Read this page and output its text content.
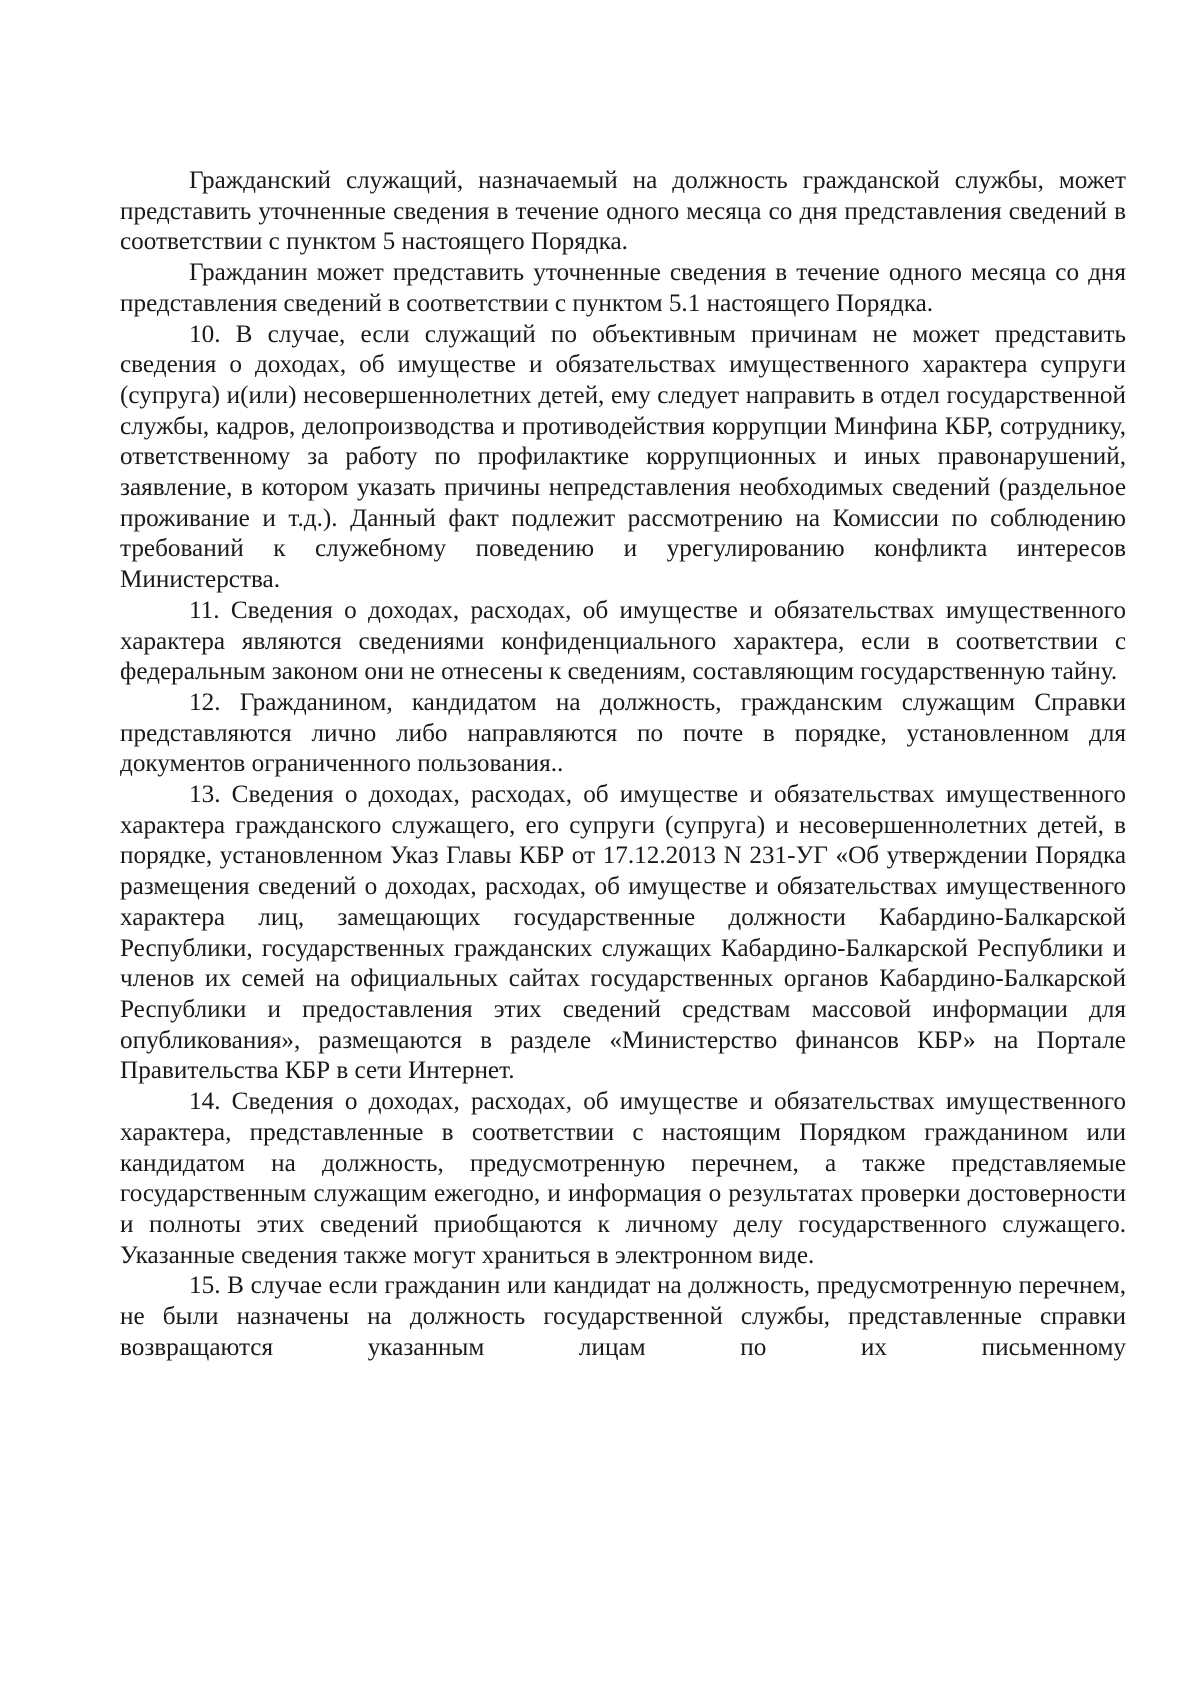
Гражданский служащий, назначаемый на должность гражданской службы, может представить уточненные сведения в течение одного месяца со дня представления сведений в соответствии с пунктом 5 настоящего Порядка.

Гражданин может представить уточненные сведения в течение одного месяца со дня представления сведений в соответствии с пунктом 5.1 настоящего Порядка.

10. В случае, если служащий по объективным причинам не может представить сведения о доходах, об имуществе и обязательствах имущественного характера супруги (супруга) и(или) несовершеннолетних детей, ему следует направить в отдел государственной службы, кадров, делопроизводства и противодействия коррупции Минфина КБР, сотруднику, ответственному за работу по профилактике коррупционных и иных правонарушений, заявление, в котором указать причины непредставления необходимых сведений (раздельное проживание и т.д.). Данный факт подлежит рассмотрению на Комиссии по соблюдению требований к служебному поведению и урегулированию конфликта интересов Министерства.

11. Сведения о доходах, расходах, об имуществе и обязательствах имущественного характера являются сведениями конфиденциального характера, если в соответствии с федеральным законом они не отнесены к сведениям, составляющим государственную тайну.

12. Гражданином, кандидатом на должность, гражданским служащим Справки представляются лично либо направляются по почте в порядке, установленном для документов ограниченного пользования..

13. Сведения о доходах, расходах, об имуществе и обязательствах имущественного характера гражданского служащего, его супруги (супруга) и несовершеннолетних детей, в порядке, установленном Указ Главы КБР от 17.12.2013 N 231-УГ «Об утверждении Порядка размещения сведений о доходах, расходах, об имуществе и обязательствах имущественного характера лиц, замещающих государственные должности Кабардино-Балкарской Республики, государственных гражданских служащих Кабардино-Балкарской Республики и членов их семей на официальных сайтах государственных органов Кабардино-Балкарской Республики и предоставления этих сведений средствам массовой информации для опубликования», размещаются в разделе «Министерство финансов КБР» на Портале Правительства КБР в сети Интернет.

14. Сведения о доходах, расходах, об имуществе и обязательствах имущественного характера, представленные в соответствии с настоящим Порядком гражданином или кандидатом на должность, предусмотренную перечнем, а также представляемые государственным служащим ежегодно, и информация о результатах проверки достоверности и полноты этих сведений приобщаются к личному делу государственного служащего. Указанные сведения также могут храниться в электронном виде.

15. В случае если гражданин или кандидат на должность, предусмотренную перечнем, не были назначены на должность государственной службы, представленные справки возвращаются указанным лицам по их письменному
